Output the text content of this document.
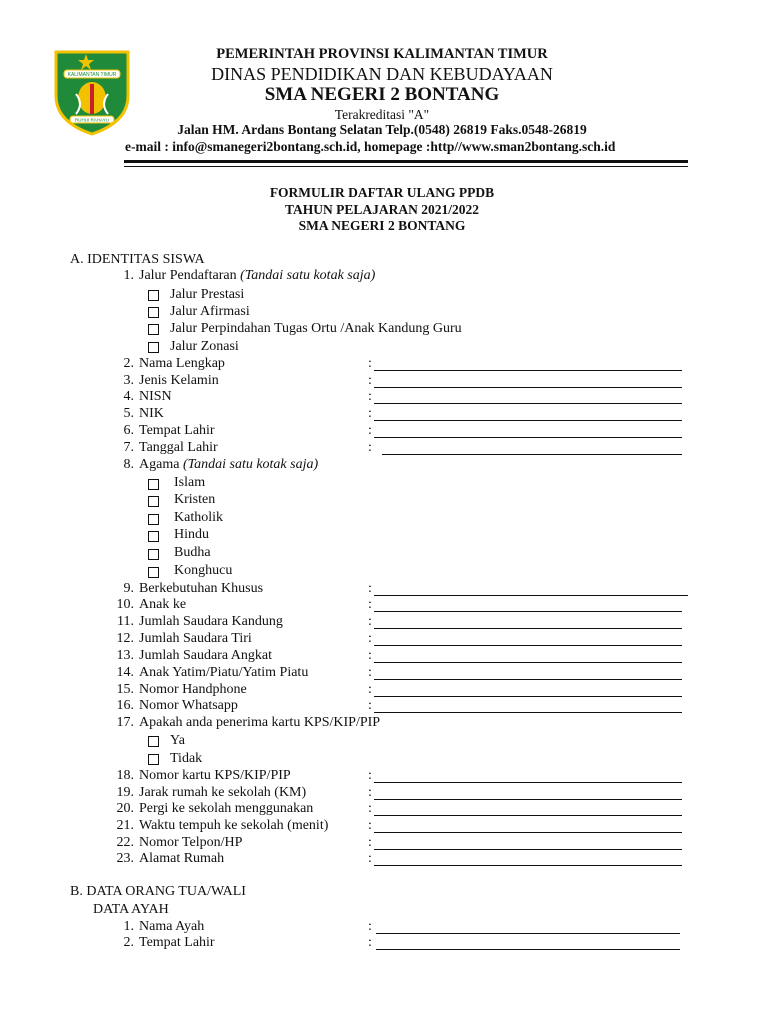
KALIMANTAN TIMUR
RUHUI RAHAYU
PEMERINTAH PROVINSI KALIMANTAN TIMUR
DINAS PENDIDIKAN DAN KEBUDAYAAN
SMA NEGERI 2 BONTANG
Terakreditasi "A"
Jalan HM. Ardans Bontang Selatan Telp.(0548) 26819 Faks.0548-26819
e-mail : info@smanegeri2bontang.sch.id, homepage :http//www.sman2bontang.sch.id
FORMULIR DAFTAR ULANG PPDB
TAHUN PELAJARAN 2021/2022
SMA NEGERI 2 BONTANG
A. IDENTITAS SISWA
1. Jalur Pendaftaran (Tandai satu kotak saja)
Jalur Prestasi
Jalur Afirmasi
Jalur Perpindahan Tugas Ortu /Anak Kandung Guru
Jalur Zonasi
2. Nama Lengkap	:
3. Jenis Kelamin	:
4. NISN	:
5. NIK	:
6. Tempat Lahir	:
7. Tanggal Lahir	:
8. Agama (Tandai satu kotak saja)
Islam
Kristen
Katholik
Hindu
Budha
Konghucu
9. Berkebutuhan Khusus	:
10. Anak ke	:
11. Jumlah Saudara Kandung	:
12. Jumlah Saudara Tiri	:
13. Jumlah Saudara Angkat	:
14. Anak Yatim/Piatu/Yatim Piatu	:
15. Nomor Handphone	:
16. Nomor Whatsapp	:
17. Apakah anda penerima kartu KPS/KIP/PIP
Ya
Tidak
18. Nomor kartu KPS/KIP/PIP	:
19. Jarak rumah ke sekolah (KM)	:
20. Pergi ke sekolah menggunakan	:
21. Waktu tempuh ke sekolah (menit)	:
22. Nomor Telpon/HP	:
23. Alamat Rumah	:
B. DATA ORANG TUA/WALI
DATA AYAH
1. Nama Ayah	:
2. Tempat Lahir	:
